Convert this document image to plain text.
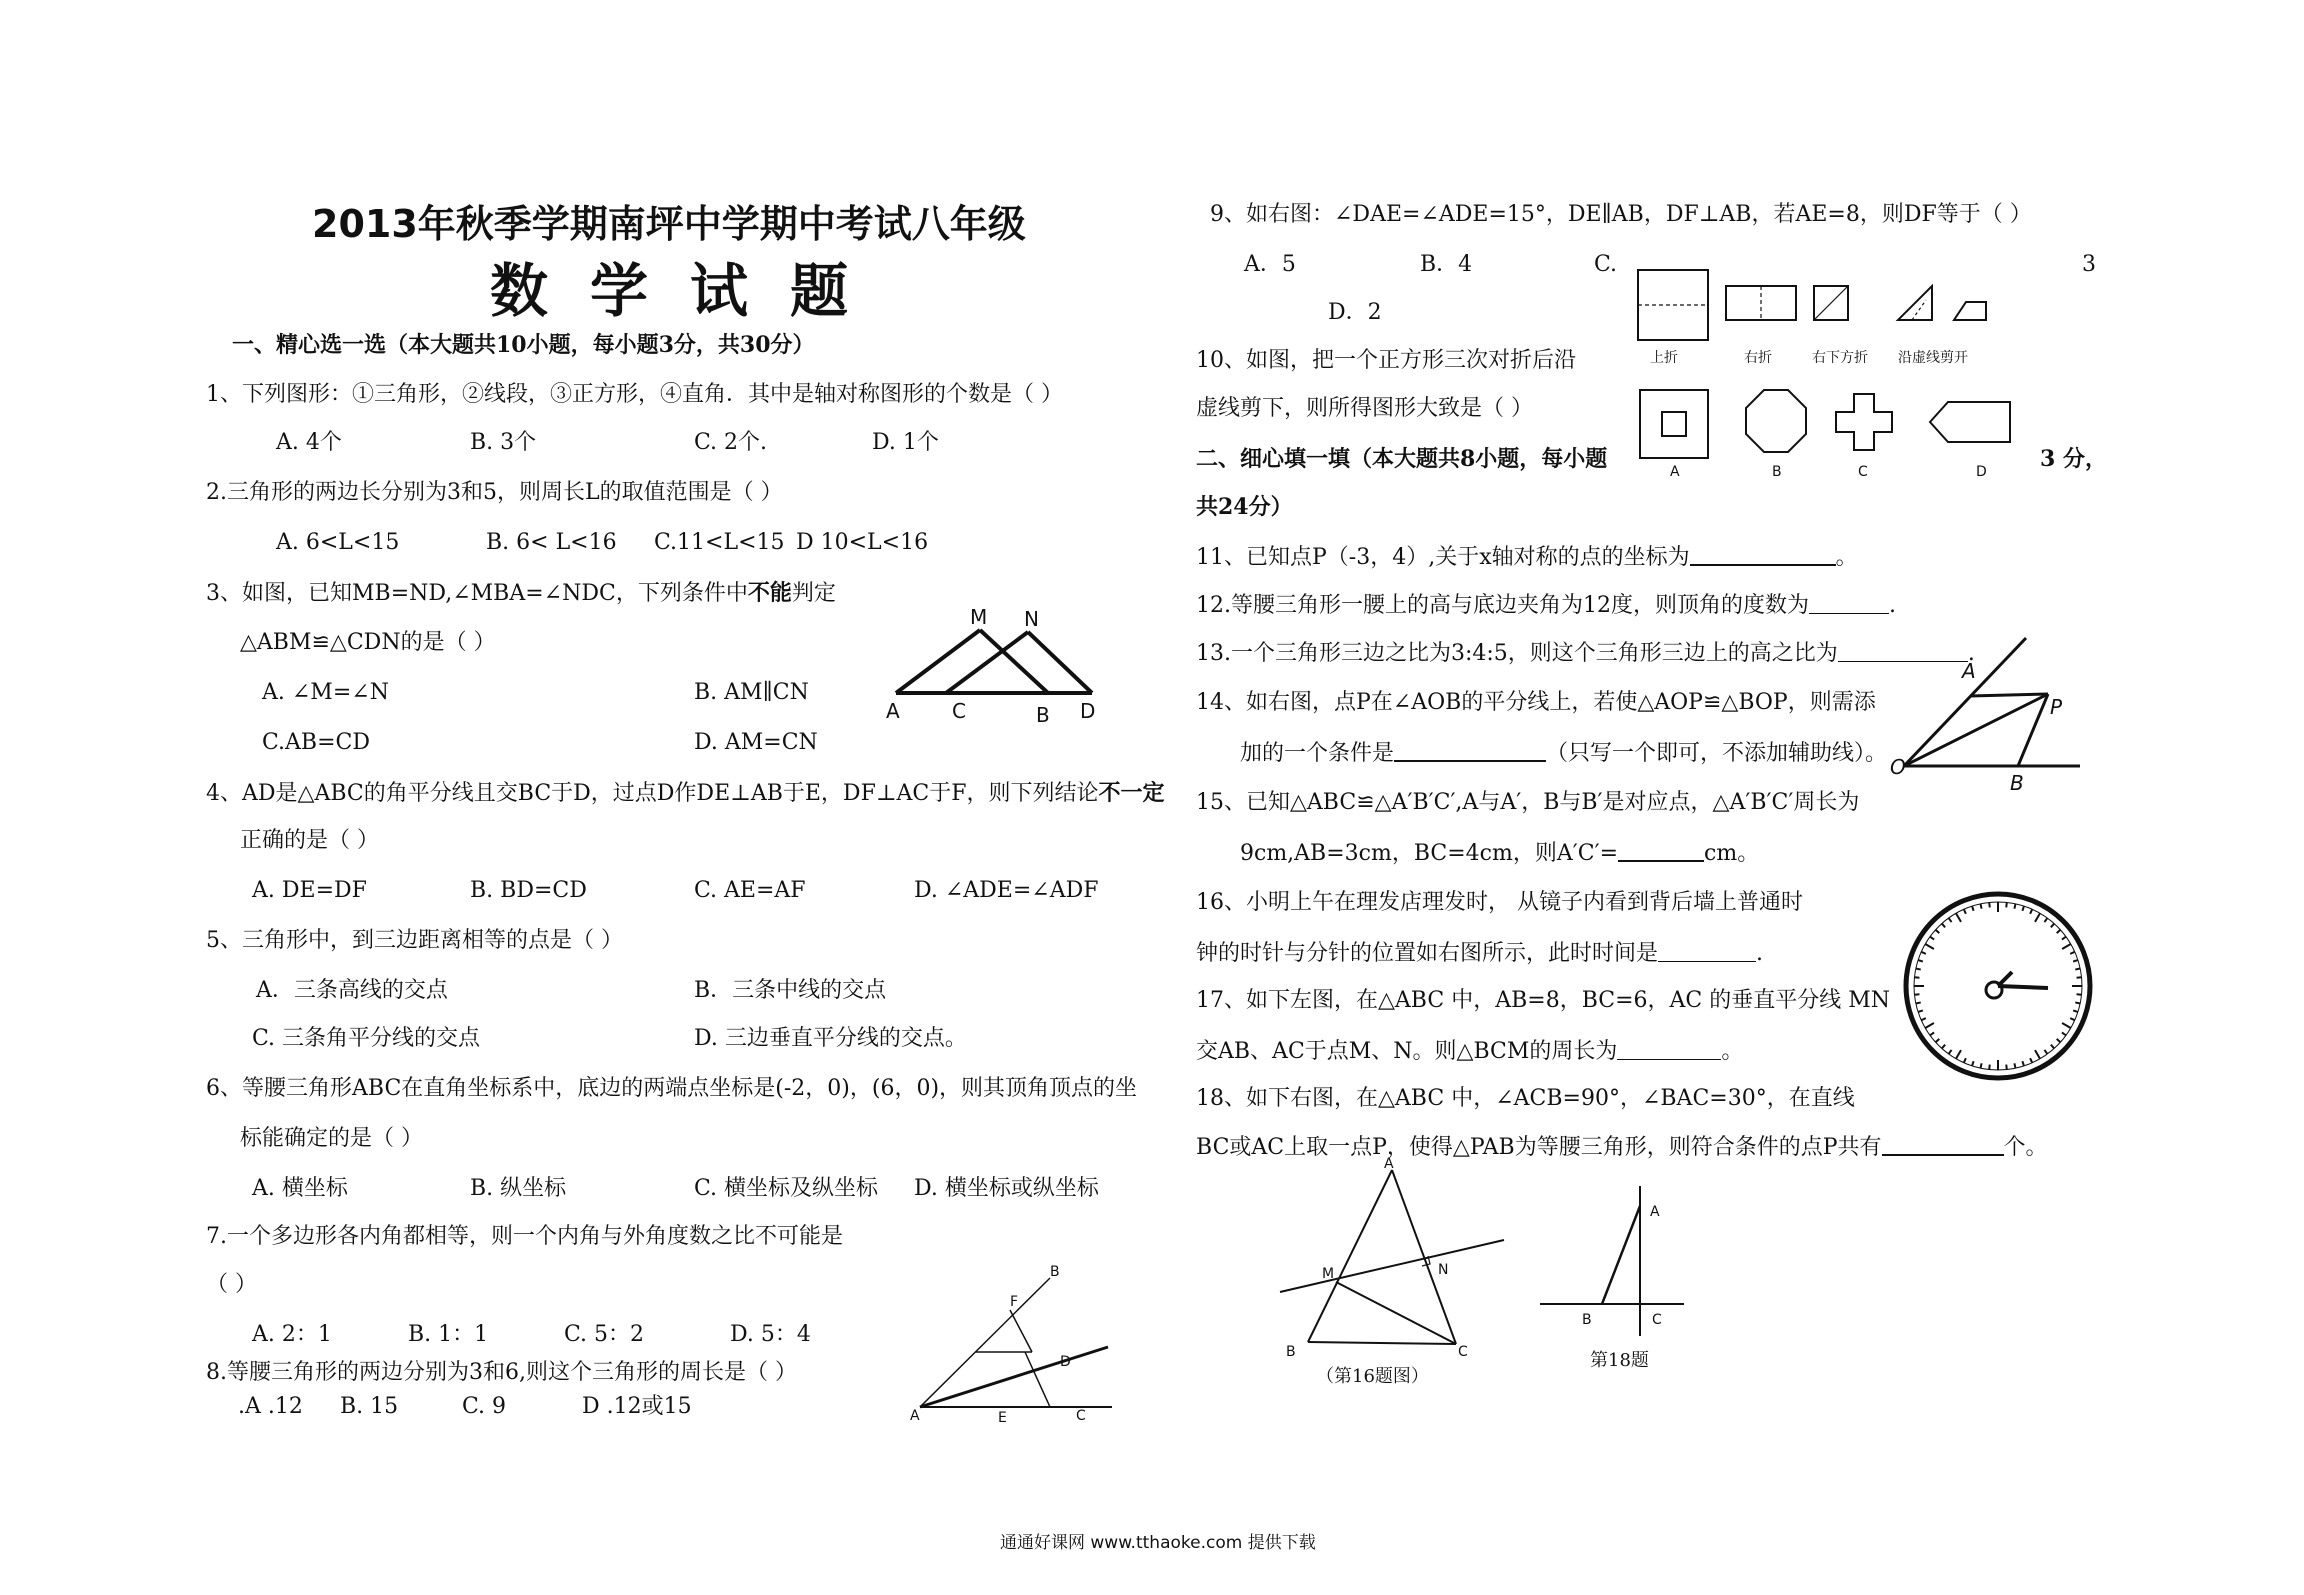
2013年秋季学期南坪中学期中考试八年级
数学试题
一、精心选一选（本大题共10小题，每小题3分，共30分）
1、下列图形：①三角形，②线段，③正方形，④直角．其中是轴对称图形的个数是（ ）
A. 4个	B. 3个	C. 2个.	D. 1个
2.三角形的两边长分别为3和5，则周长L的取值范围是（ ）
A. 6<L<15	B. 6< L<16 C.11<L<15 D 10<L<16
3、如图，已知MB=ND,∠MBA=∠NDC，下列条件中不能判定
△ABM≌△CDN的是（ ）
A. ∠M=∠N	B. AM∥CN
C.AB=CD	D. AM=CN
M N
A	C	B D
4、AD是△ABC的角平分线且交BC于D，过点D作DE⊥AB于E，DF⊥AC于F，则下列结论不一定
正确的是（ ）
A. DE=DF	B. BD=CD	C. AE=AF	D. ∠ADE=∠ADF
5、三角形中，到三边距离相等的点是（ ）
A．三条高线的交点	B．三条中线的交点
C. 三条角平分线的交点	D. 三边垂直平分线的交点。
6、等腰三角形ABC在直角坐标系中，底边的两端点坐标是(-2，0)，(6，0)，则其顶角顶点的坐
标能确定的是（ ）
A. 横坐标	B. 纵坐标	C. 横坐标及纵坐标 D. 横坐标或纵坐标
7.一个多边形各内角都相等，则一个内角与外角度数之比不可能是
（ ）
A. 2：1	B. 1：1	C. 5：2	D. 5：4
B
F
D
A	E	C
8.等腰三角形的两边分别为3和6,则这个三角形的周长是（ ）
.A .12 B. 15	C. 9	D .12或15
9、如右图：∠DAE=∠ADE=15°，DE∥AB，DF⊥AB，若AE=8，则DF等于（ ）
A．5	B．4	C.	3
D．2
上折	右折	右下方折 沿虚线剪开
10、如图，把一个正方形三次对折后沿
虚线剪下，则所得图形大致是（ ）
A	B	C	D
二、细心填一填（本大题共8小题，每小题	3 分，
共24分）
11、已知点P（-3，4）,关于x轴对称的点的坐标为	。
12.等腰三角形一腰上的高与底边夹角为12度，则顶角的度数为	.
13.一个三角形三边之比为3:4:5，则这个三角形三边上的高之比为	.
14、如右图，点P在∠AOB的平分线上，若使△AOP≌△BOP，则需添
加的一个条件是	（只写一个即可，不添加辅助线）。
A
P
O
B
15、已知△ABC≌△A′B′C′,A与A′，B与B′是对应点，△A′B′C′周长为
9cm,AB=3cm，BC=4cm，则A′C′=	cm。
16、小明上午在理发店理发时， 从镜子内看到背后墙上普通时
钟的时针与分针的位置如右图所示，此时时间是	.
17、如下左图，在△ABC 中，AB=8，BC=6，AC 的垂直平分线 MN
交AB、AC于点M、N。则△BCM的周长为	。
18、如下右图，在△ABC 中，∠ACB=90°，∠BAC=30°，在直线
BC或AC上取一点P，使得△PAB为等腰三角形，则符合条件的点P共有	个。
A
M	N
B	C
（第16题图）
A
B	C
第18题
通通好课网 www.tthaoke.com 提供下载
